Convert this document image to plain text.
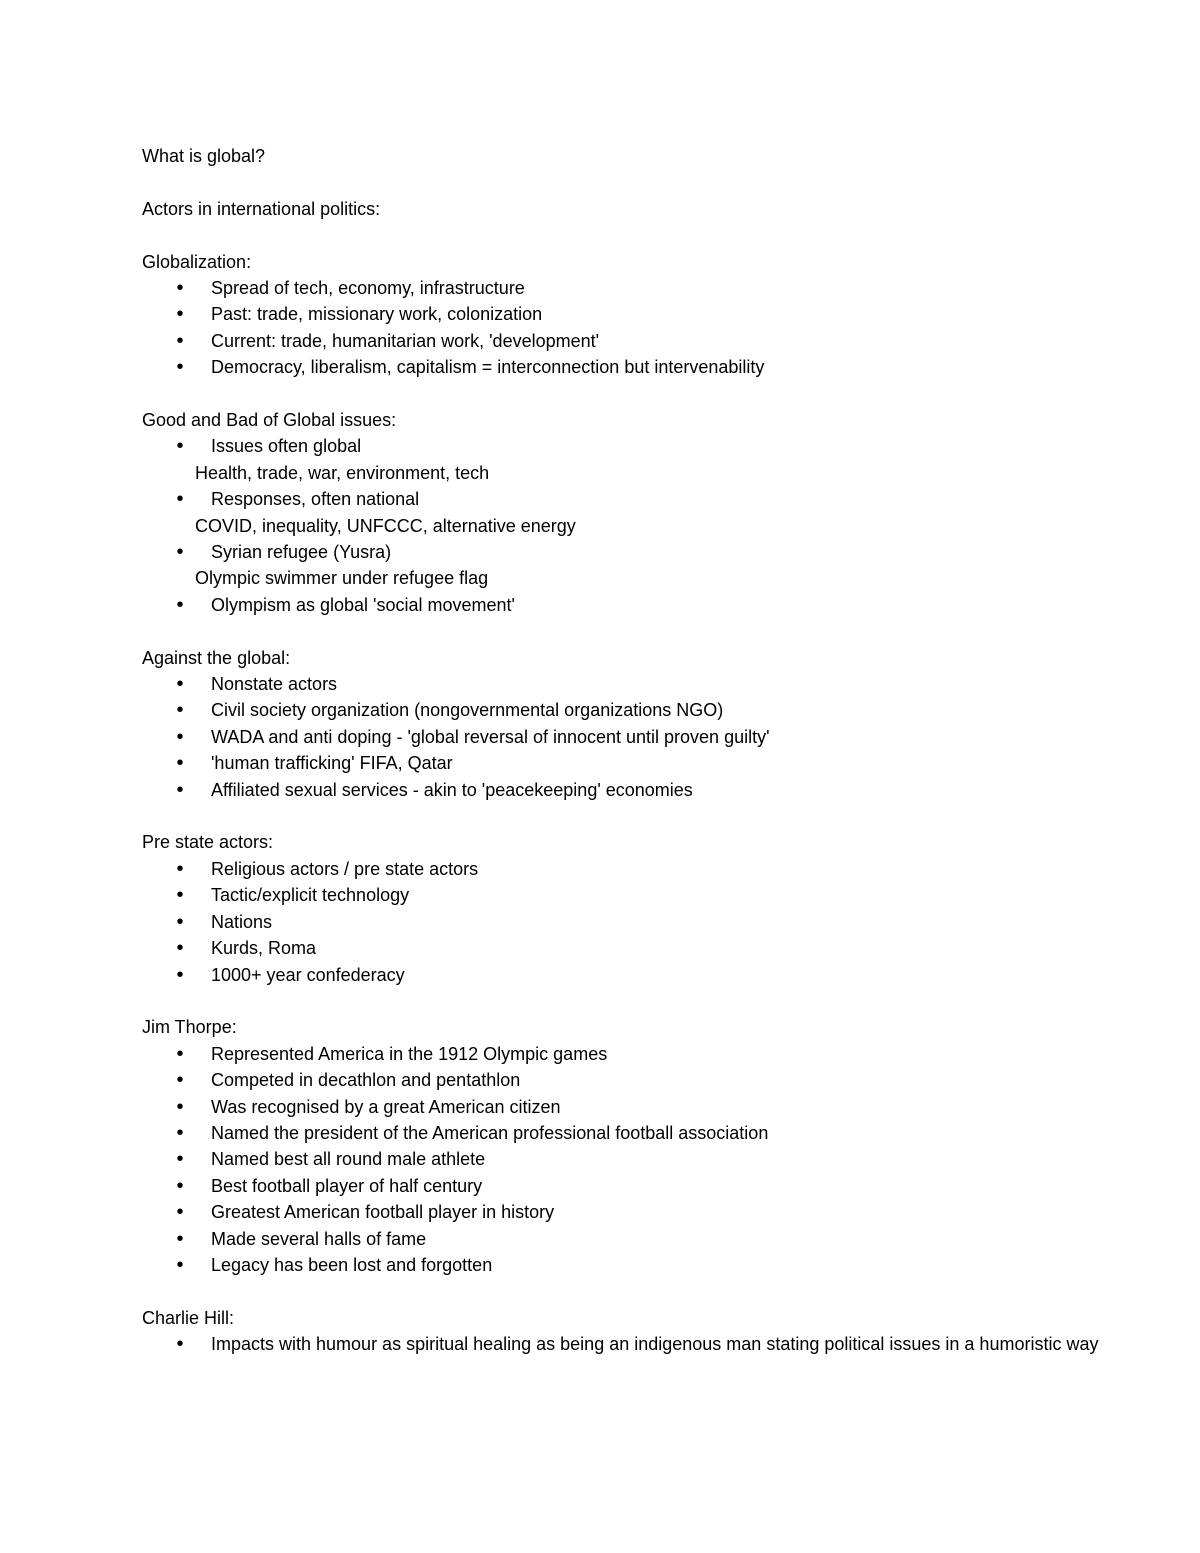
What is global?
Actors in international politics:
Globalization:
• Spread of tech, economy, infrastructure
• Past: trade, missionary work, colonization
• Current: trade, humanitarian work, 'development'
• Democracy, liberalism, capitalism = interconnection but intervenability
Good and Bad of Global issues:
• Issues often global
Health, trade, war, environment, tech
• Responses, often national
COVID, inequality, UNFCCC, alternative energy
• Syrian refugee (Yusra)
Olympic swimmer under refugee flag
• Olympism as global 'social movement'
Against the global:
• Nonstate actors
• Civil society organization (nongovernmental organizations NGO)
• WADA and anti doping - 'global reversal of innocent until proven guilty'
• 'human trafficking' FIFA, Qatar
• Affiliated sexual services - akin to 'peacekeeping' economies
Pre state actors:
• Religious actors / pre state actors
• Tactic/explicit technology
• Nations
• Kurds, Roma
• 1000+ year confederacy
Jim Thorpe:
• Represented America in the 1912 Olympic games
• Competed in decathlon and pentathlon
• Was recognised by a great American citizen
• Named the president of the American professional football association
• Named best all round male athlete
• Best football player of half century
• Greatest American football player in history
• Made several halls of fame
• Legacy has been lost and forgotten
Charlie Hill:
• Impacts with humour as spiritual healing as being an indigenous man stating political issues in a humoristic way
